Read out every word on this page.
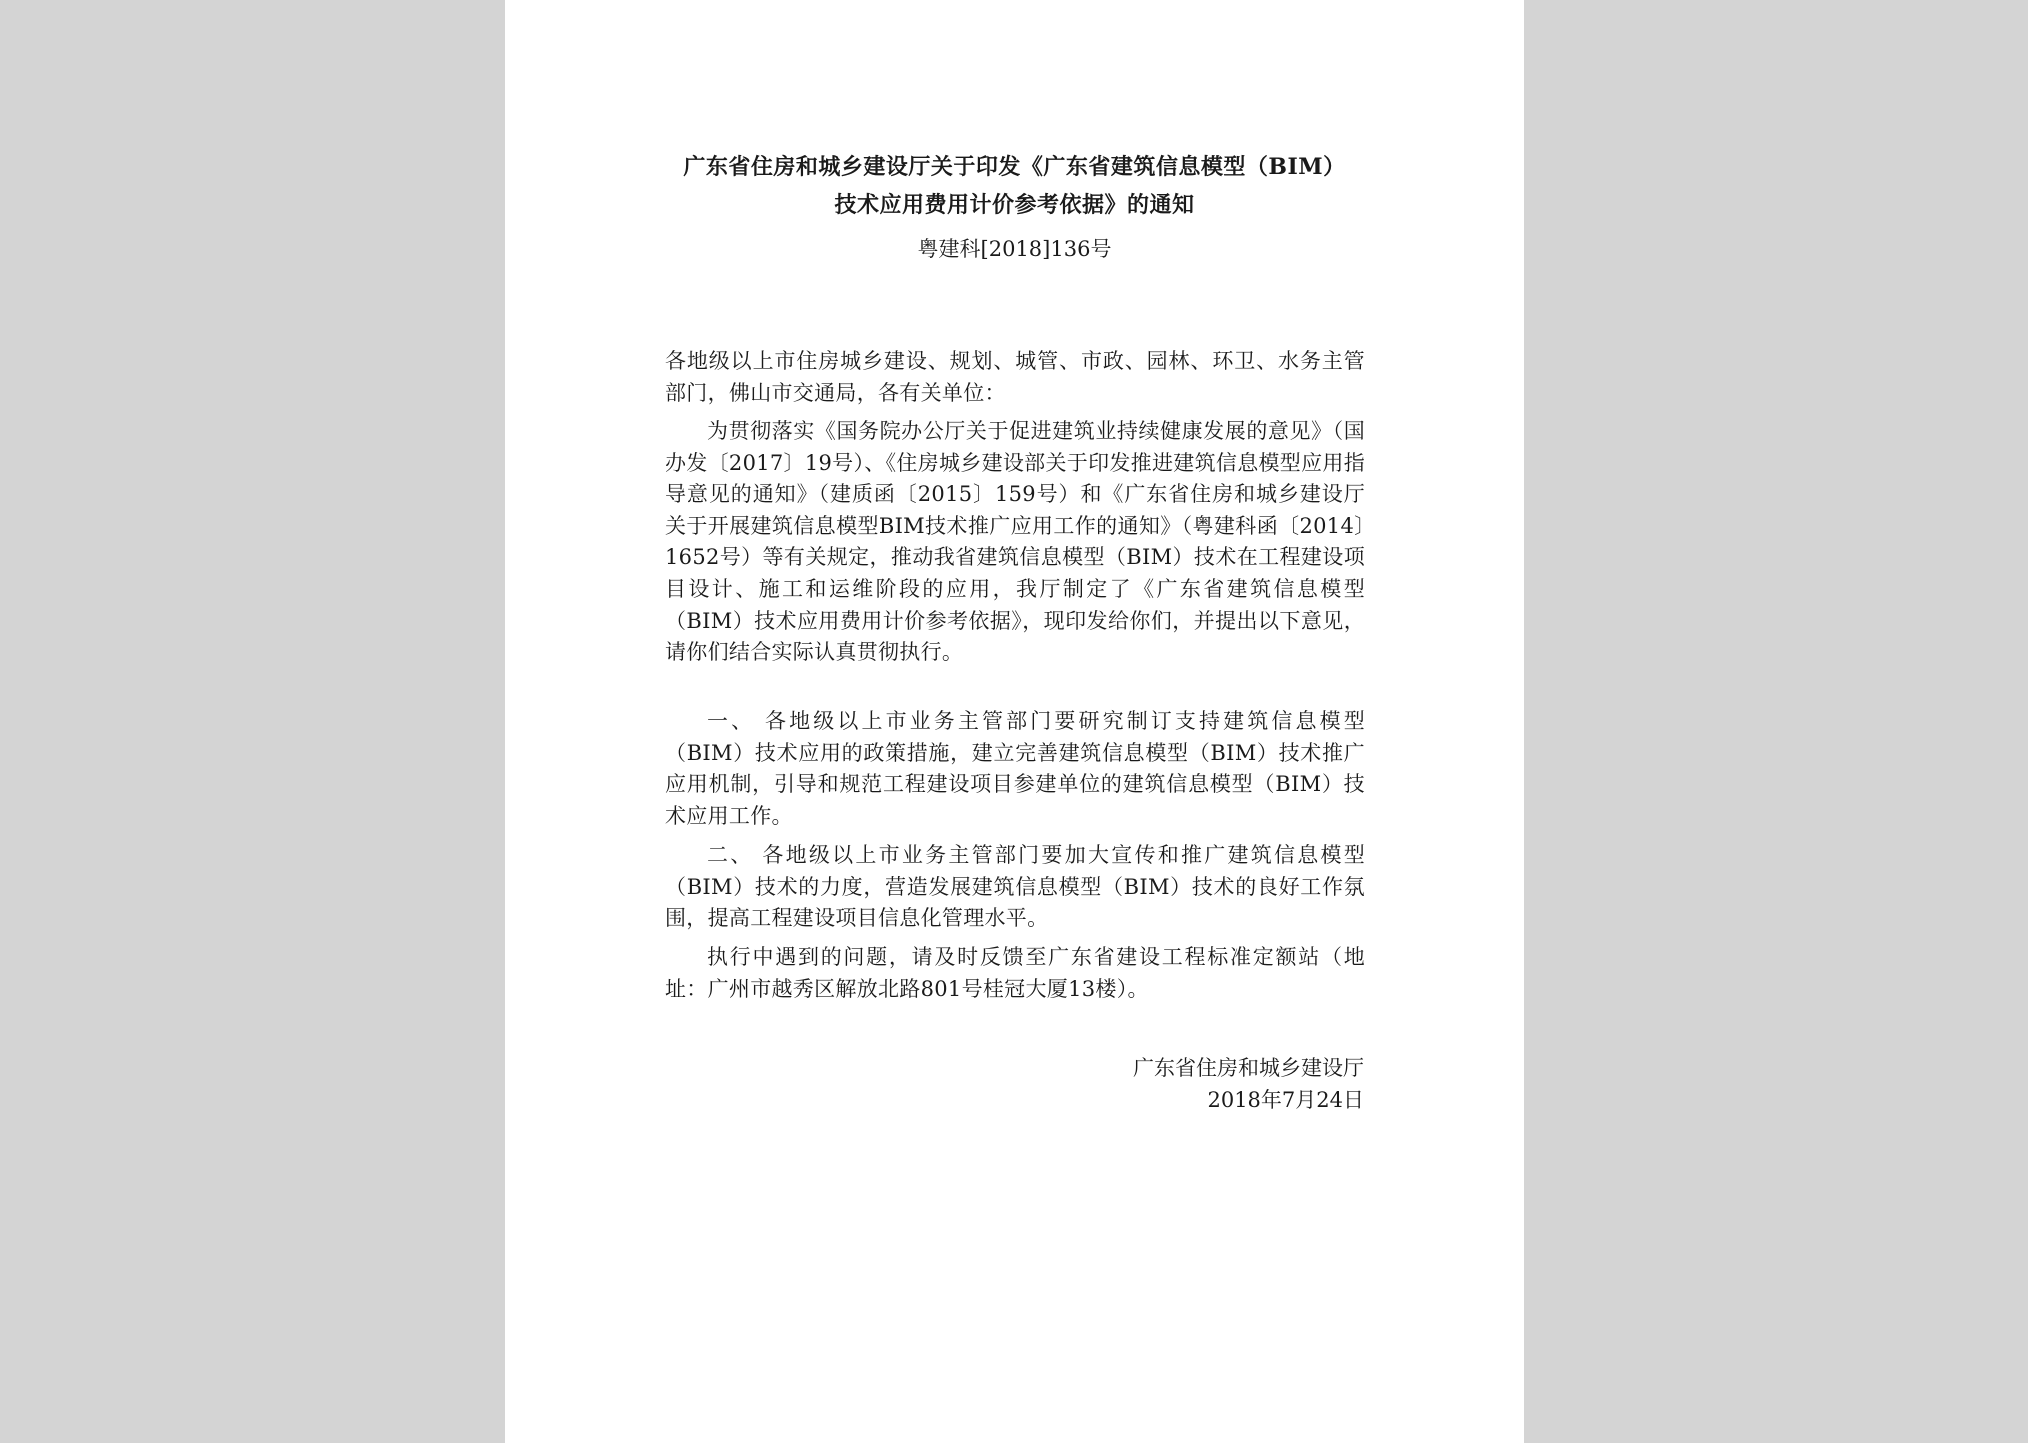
广东省住房和城乡建设厅关于印发《广东省建筑信息模型（BIM）
技术应用费用计价参考依据》的通知
粤建科[2018]136号
各地级以上市住房城乡建设、规划、城管、市政、园林、环卫、水务主管部门，佛山市交通局，各有关单位：
为贯彻落实《国务院办公厅关于促进建筑业持续健康发展的意见》（国办发〔2017〕19号）、《住房城乡建设部关于印发推进建筑信息模型应用指导意见的通知》（建质函〔2015〕159号）和《广东省住房和城乡建设厅关于开展建筑信息模型BIM技术推广应用工作的通知》（粤建科函〔2014〕1652号）等有关规定，推动我省建筑信息模型（BIM）技术在工程建设项目设计、施工和运维阶段的应用，我厅制定了《广东省建筑信息模型（BIM）技术应用费用计价参考依据》，现印发给你们，并提出以下意见，请你们结合实际认真贯彻执行。
一、 各地级以上市业务主管部门要研究制订支持建筑信息模型（BIM）技术应用的政策措施，建立完善建筑信息模型（BIM）技术推广应用机制，引导和规范工程建设项目参建单位的建筑信息模型（BIM）技术应用工作。
二、 各地级以上市业务主管部门要加大宣传和推广建筑信息模型（BIM）技术的力度，营造发展建筑信息模型（BIM）技术的良好工作氛围，提高工程建设项目信息化管理水平。
执行中遇到的问题，请及时反馈至广东省建设工程标准定额站（地址：广州市越秀区解放北路801号桂冠大厦13楼）。
广东省住房和城乡建设厅
2018年7月24日
